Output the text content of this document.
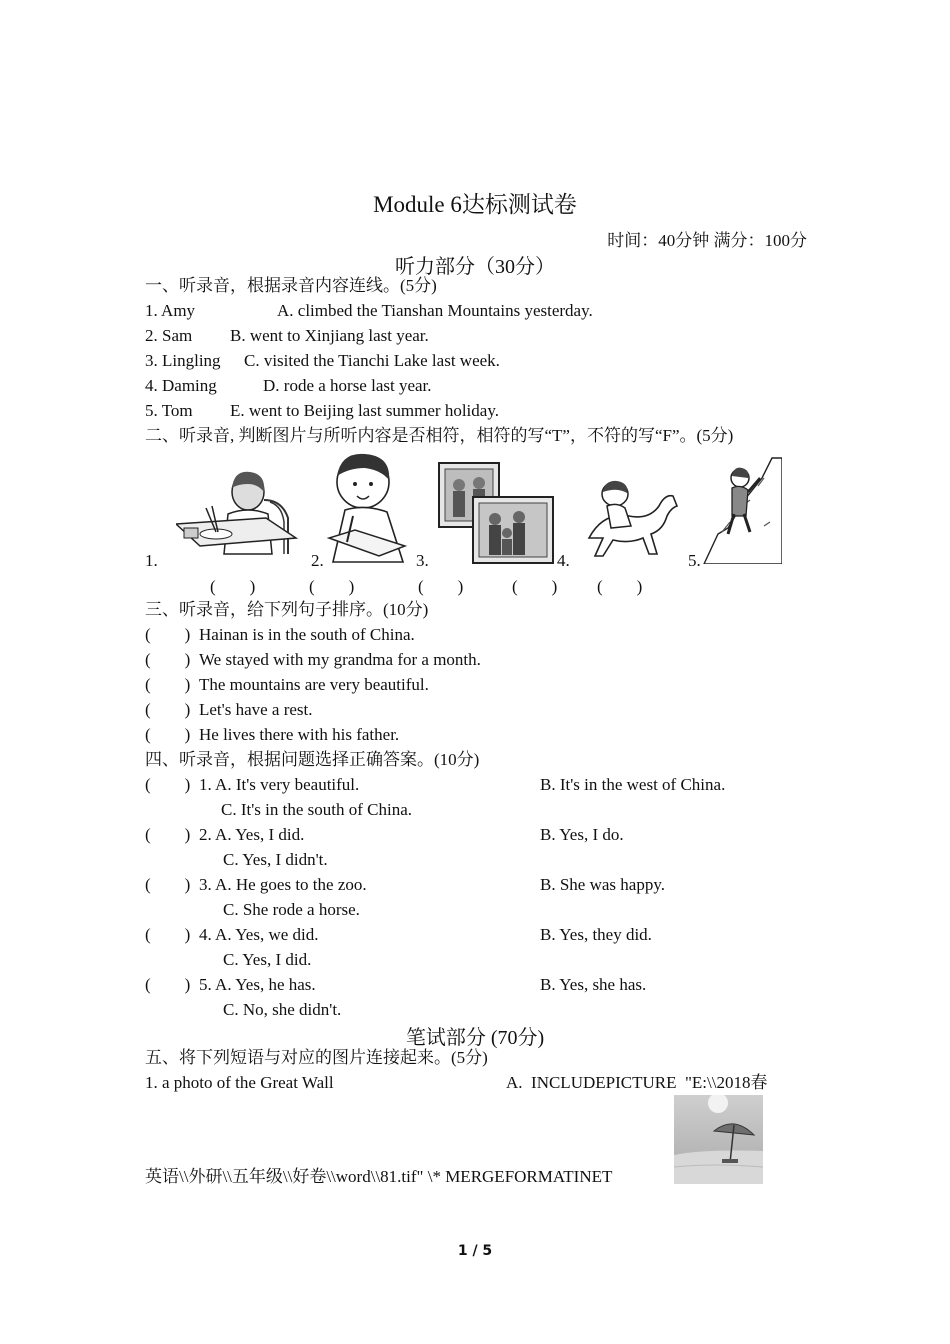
Module 6达标测试卷
时间：40分钟 满分：100分
听力部分（30分）
一、听录音，根据录音内容连线。(5分)
1. Amy	A. climbed the Tianshan Mountains yesterday.
2. Sam B. went to Xinjiang last year.
3. Lingling C. visited the Tianchi Lake last week.
4. Daming	D. rode a horse last year.
5. Tom E. went to Beijing last summer holiday.
二、听录音, 判断图片与所听内容是否相符，相符的写“T”，不符的写“F”。(5分)
1.	2.	3.	4.	5.
(        )	(        )	(        )	(        ) (        )
三、听录音，给下列句子排序。(10分)
(        ) Hainan is in the south of China.
(        ) We stayed with my grandma for a month.
(        ) The mountains are very beautiful.
(        ) Let's have a rest.
(        ) He lives there with his father.
四、听录音，根据问题选择正确答案。(10分)
(        ) 1. A. It's very beautiful.	B. It's in the west of China.
C. It's in the south of China.
(        ) 2. A. Yes, I did.	B. Yes, I do.
C. Yes, I didn't.
(        ) 3. A. He goes to the zoo.	B. She was happy.
C. She rode a horse.
(        ) 4. A. Yes, we did.	B. Yes, they did.
C. Yes, I did.
(        ) 5. A. Yes, he has.	B. Yes, she has.
C. No, she didn't.
笔试部分 (70分)
五、将下列短语与对应的图片连接起来。(5分)
1. a photo of the Great Wall	A.  INCLUDEPICTURE  "E:\\2018春
英语\\外研\\五年级\\好卷\\word\\81.tif" \* MERGEFORMATINET
1 / 5
